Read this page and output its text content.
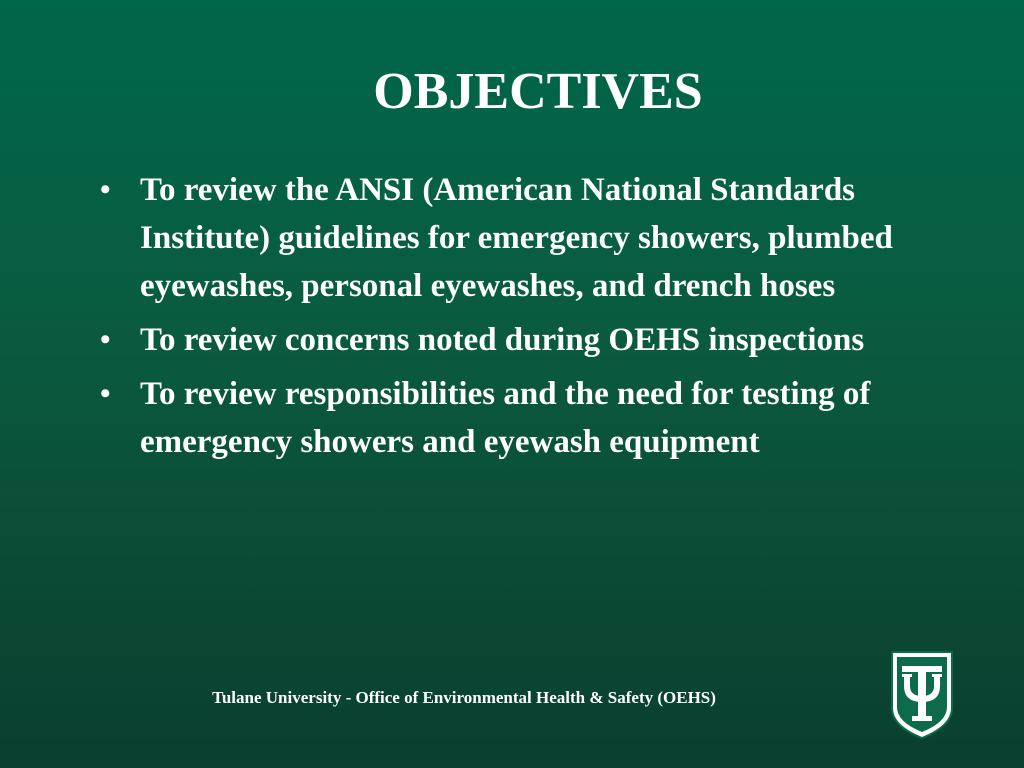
OBJECTIVES
• To review the ANSI (American National Standards Institute) guidelines for emergency showers, plumbed eyewashes, personal eyewashes, and drench hoses
• To review concerns noted during OEHS inspections
• To review responsibilities and the need for testing of emergency showers and eyewash equipment
Tulane University - Office of Environmental Health & Safety (OEHS)
